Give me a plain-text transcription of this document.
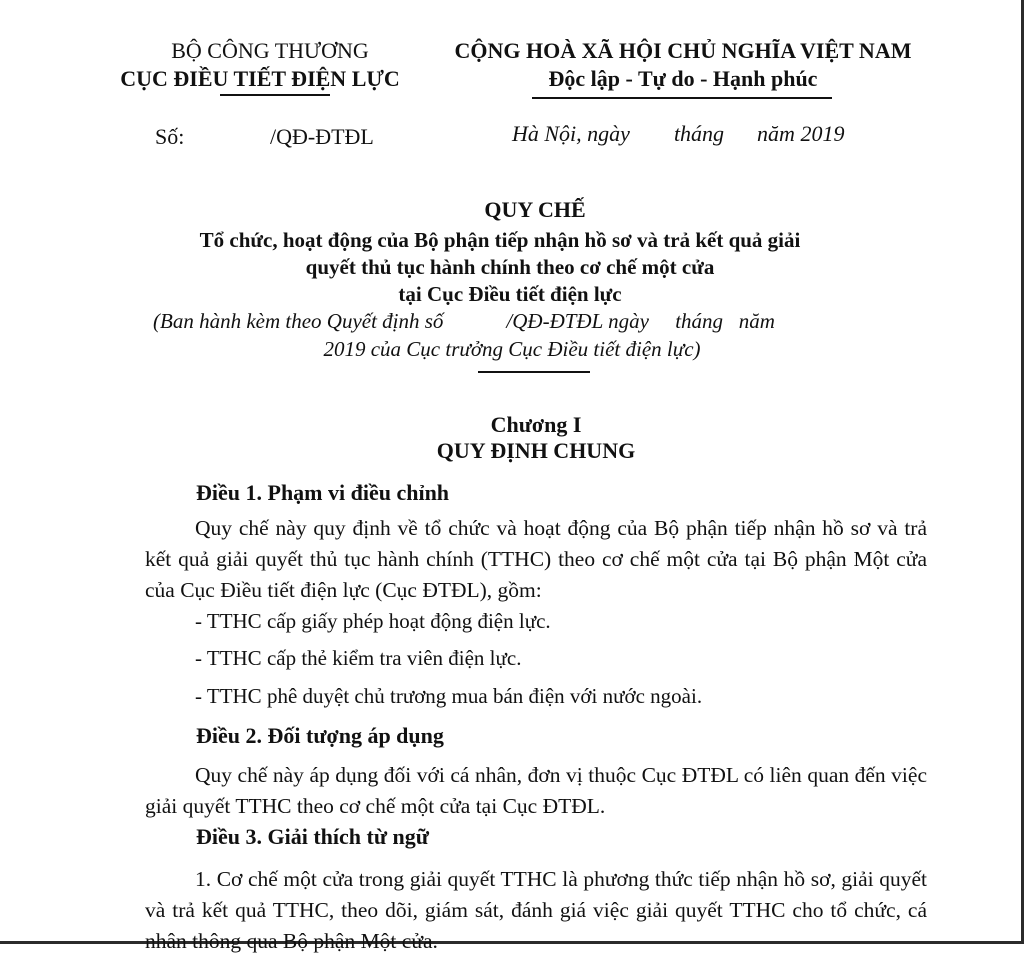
BỘ CÔNG THƯƠNG
CỤC ĐIỀU TIẾT ĐIỆN LỰC
CỘNG HOÀ XÃ HỘI CHỦ NGHĨA VIỆT NAM
Độc lập - Tự do - Hạnh phúc
Số:	/QĐ-ĐTĐL	Hà Nội, ngày        tháng      năm 2019
QUY CHẾ
Tổ chức, hoạt động của Bộ phận tiếp nhận hồ sơ và trả kết quả giải
quyết thủ tục hành chính theo cơ chế một cửa
tại Cục Điều tiết điện lực
(Ban hành kèm theo Quyết định số            /QĐ-ĐTĐL ngày     tháng   năm
2019 của Cục trưởng Cục Điều tiết điện lực)
Chương I
QUY ĐỊNH CHUNG
Điều 1. Phạm vi điều chỉnh
Quy chế này quy định về tổ chức và hoạt động của Bộ phận tiếp nhận hồ sơ và trả kết quả giải quyết thủ tục hành chính (TTHC) theo cơ chế một cửa tại Bộ phận Một cửa của Cục Điều tiết điện lực (Cục ĐTĐL), gồm:
- TTHC cấp giấy phép hoạt động điện lực.
- TTHC cấp thẻ kiểm tra viên điện lực.
- TTHC phê duyệt chủ trương mua bán điện với nước ngoài.
Điều 2. Đối tượng áp dụng
Quy chế này áp dụng đối với cá nhân, đơn vị thuộc Cục ĐTĐL có liên quan đến việc giải quyết TTHC theo cơ chế một cửa tại Cục ĐTĐL.
Điều 3. Giải thích từ ngữ
1. Cơ chế một cửa trong giải quyết TTHC là phương thức tiếp nhận hồ sơ, giải quyết và trả kết quả TTHC, theo dõi, giám sát, đánh giá việc giải quyết TTHC cho tổ chức, cá nhân thông qua Bộ phận Một cửa.
